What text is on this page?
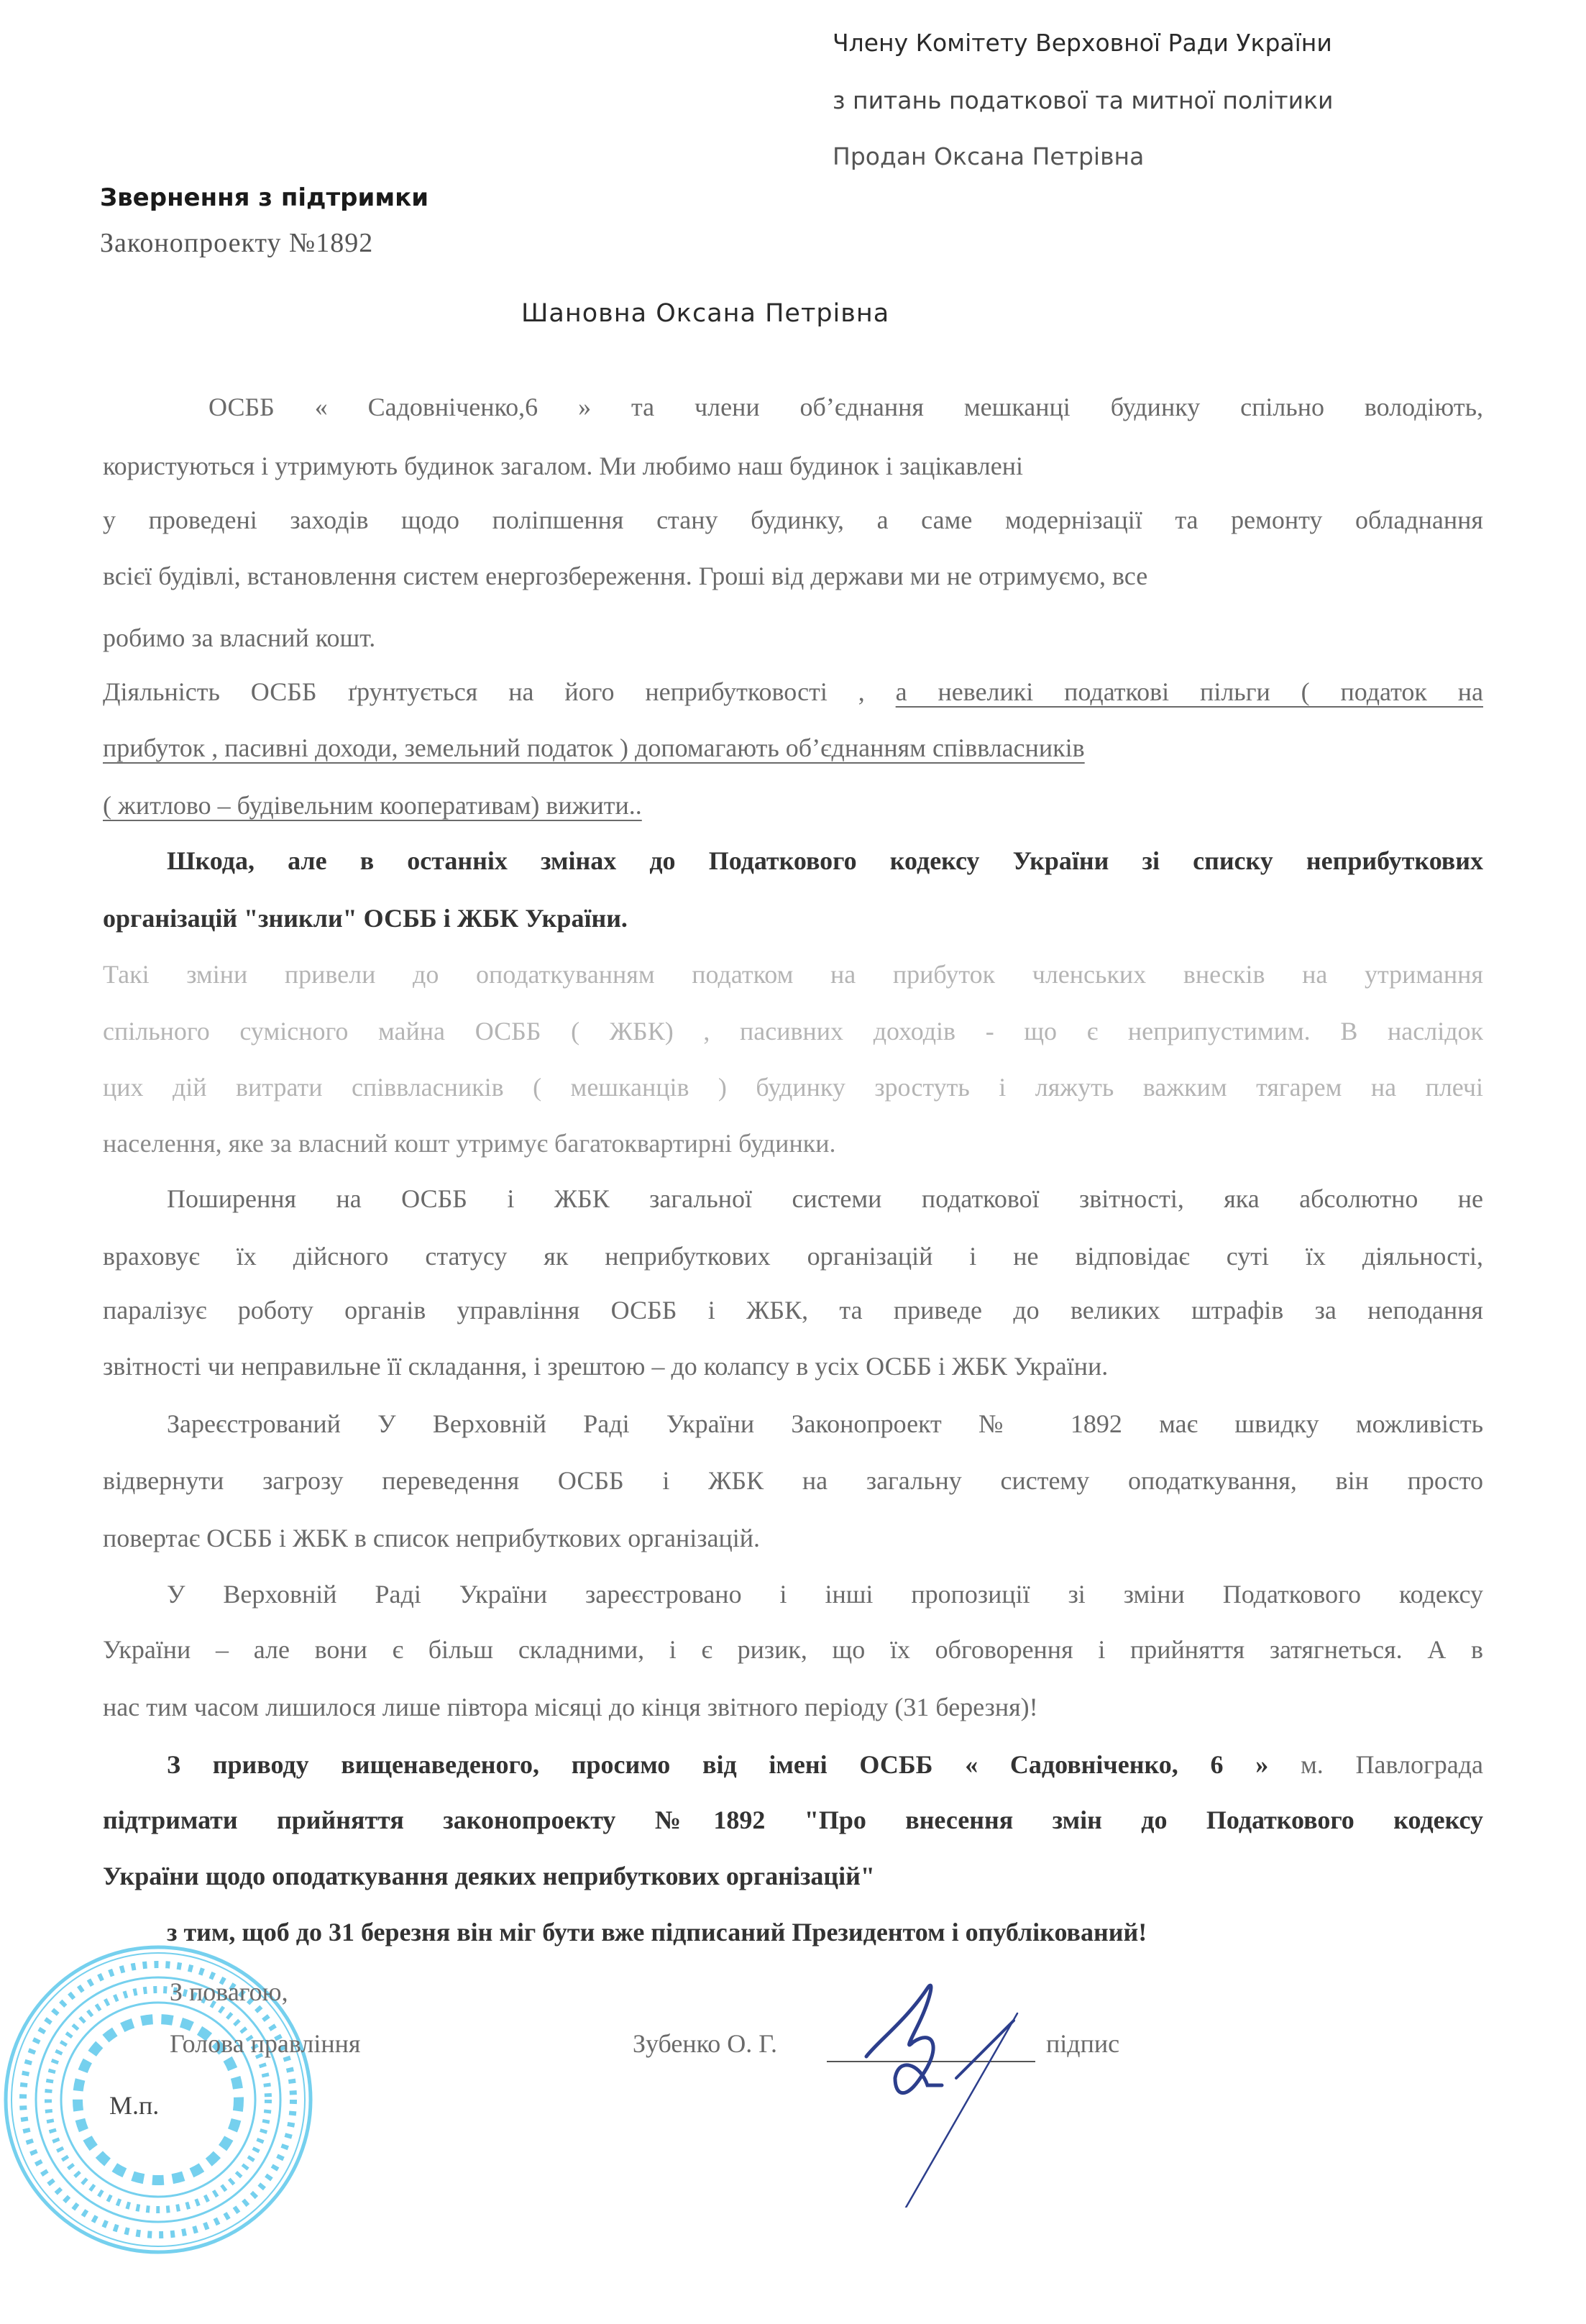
Члену Комітету Верховної Ради України
з питань податкової та митної політики
Продан Оксана Петрівна
Звернення з підтримки
Законопроекту №1892
Шановна Оксана Петрівна
ОСББ « Садовніченко,6 » та члени об’єднання мешканці будинку спільно володіють,
користуються і утримують будинок загалом. Ми любимо наш будинок і зацікавлені
у проведені заходів щодо поліпшення стану будинку, а саме модернізації та ремонту обладнання
всієї будівлі, встановлення систем енергозбереження. Гроші від держави ми не отримуємо, все
робимо за власний кошт.
Діяльність ОСББ ґрунтується на його неприбутковості , а невеликі податкові пільги ( податок на
прибуток , пасивні доходи, земельний податок ) допомагають об’єднанням співвласників
( житлово – будівельним кооперативам) вижити..
Шкода, але в останніх змінах до Податкового кодексу України зі списку неприбуткових
організацій "зникли" ОСББ і ЖБК України.
Такі зміни привели до оподаткуванням податком на прибуток членських внесків на утримання
спільного сумісного майна ОСББ ( ЖБК) , пасивних доходів - що є неприпустимим. В наслідок
цих дій витрати співвласників ( мешканців ) будинку зростуть і ляжуть важким тягарем на плечі
населення, яке за власний кошт утримує багатоквартирні будинки.
Поширення на ОСББ і ЖБК загальної системи податкової звітності, яка абсолютно не
враховує їх дійсного статусу як неприбуткових організацій і не відповідає суті їх діяльності,
паралізує роботу органів управління ОСББ і ЖБК, та приведе до великих штрафів за неподання
звітності чи неправильне її складання, і зрештою – до колапсу в усіх ОСББ і ЖБК України.
Зареєстрований У Верховній Раді України Законопроект № 1892 має швидку можливість
відвернути загрозу переведення ОСББ і ЖБК на загальну систему оподаткування, він просто
повертає ОСББ і ЖБК в список неприбуткових організацій.
У Верховній Раді України зареєстровано і інші пропозиції зі зміни Податкового кодексу
України – але вони є більш складними, і є ризик, що їх обговорення і прийняття затягнеться. А в
нас тим часом лишилося лише півтора місяці до кінця звітного періоду (31 березня)!
З приводу вищенаведеного, просимо від імені ОСББ « Садовніченко, 6 » м. Павлограда
підтримати прийняття законопроекту №1892 "Про внесення змін до Податкового кодексу
України щодо оподаткування деяких неприбуткових організацій"
з тим, щоб до 31 березня він міг бути вже підписаний Президентом і опублікований!
З повагою,
Голова правління	Зубенко О. Г.	підпис
М.п.
